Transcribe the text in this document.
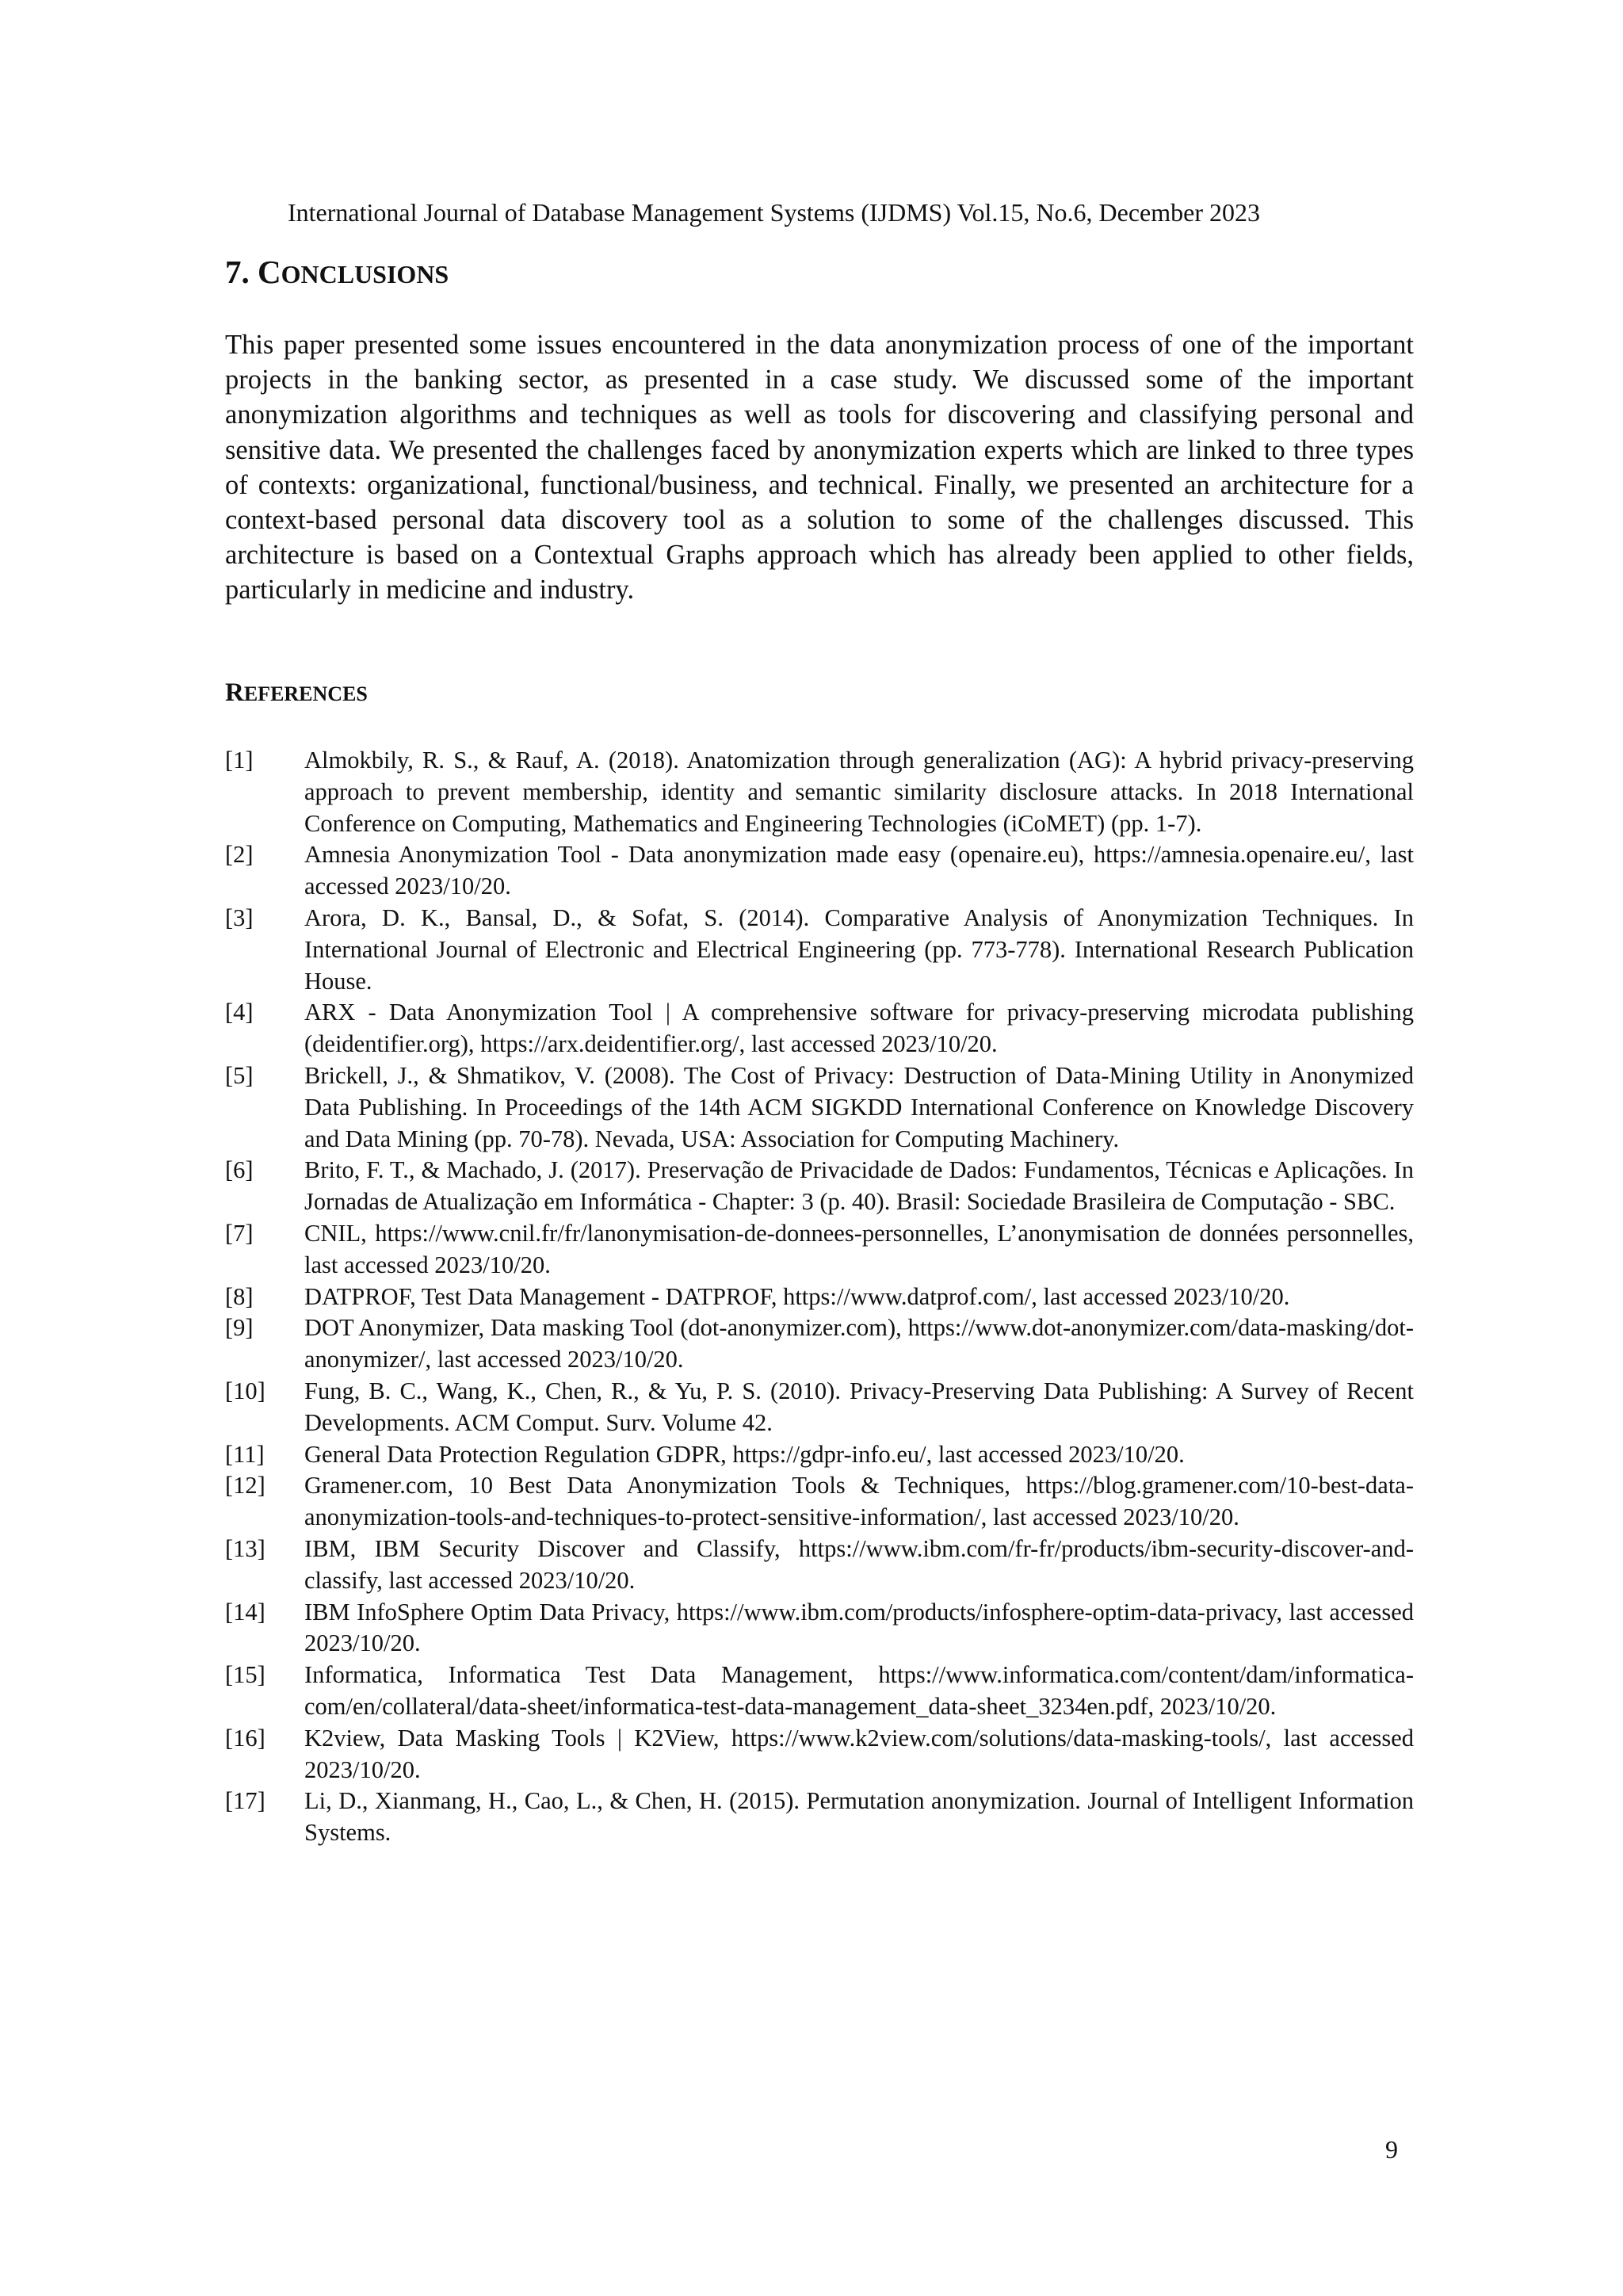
International Journal of Database Management Systems (IJDMS) Vol.15, No.6, December 2023
7. CONCLUSIONS

This paper presented some issues encountered in the data anonymization process of one of the important projects in the banking sector, as presented in a case study. We discussed some of the important anonymization algorithms and techniques as well as tools for discovering and classifying personal and sensitive data. We presented the challenges faced by anonymization experts which are linked to three types of contexts: organizational, functional/business, and technical. Finally, we presented an architecture for a context-based personal data discovery tool as a solution to some of the challenges discussed. This architecture is based on a Contextual Graphs approach which has already been applied to other fields, particularly in medicine and industry.

REFERENCES
[1] Almokbily, R. S., & Rauf, A. (2018). Anatomization through generalization (AG): A hybrid privacy-preserving approach to prevent membership, identity and semantic similarity disclosure attacks. In 2018 International Conference on Computing, Mathematics and Engineering Technologies (iCoMET) (pp. 1-7).
[2] Amnesia Anonymization Tool - Data anonymization made easy (openaire.eu), https://amnesia.openaire.eu/, last accessed 2023/10/20.
[3] Arora, D. K., Bansal, D., & Sofat, S. (2014). Comparative Analysis of Anonymization Techniques. In International Journal of Electronic and Electrical Engineering (pp. 773-778). International Research Publication House.
[4] ARX - Data Anonymization Tool | A comprehensive software for privacy-preserving microdata publishing (deidentifier.org), https://arx.deidentifier.org/, last accessed 2023/10/20.
[5] Brickell, J., & Shmatikov, V. (2008). The Cost of Privacy: Destruction of Data-Mining Utility in Anonymized Data Publishing. In Proceedings of the 14th ACM SIGKDD International Conference on Knowledge Discovery and Data Mining (pp. 70-78). Nevada, USA: Association for Computing Machinery.
[6] Brito, F. T., & Machado, J. (2017). Preservação de Privacidade de Dados: Fundamentos, Técnicas e Aplicações. In Jornadas de Atualização em Informática - Chapter: 3 (p. 40). Brasil: Sociedade Brasileira de Computação - SBC.
[7] CNIL, https://www.cnil.fr/fr/lanonymisation-de-donnees-personnelles, L’anonymisation de données personnelles, last accessed 2023/10/20.
[8] DATPROF, Test Data Management - DATPROF, https://www.datprof.com/, last accessed 2023/10/20.
[9] DOT Anonymizer, Data masking Tool (dot-anonymizer.com), https://www.dot-anonymizer.com/data-masking/dot-anonymizer/, last accessed 2023/10/20.
[10] Fung, B. C., Wang, K., Chen, R., & Yu, P. S. (2010). Privacy-Preserving Data Publishing: A Survey of Recent Developments. ACM Comput. Surv. Volume 42.
[11] General Data Protection Regulation GDPR, https://gdpr-info.eu/, last accessed 2023/10/20.
[12] Gramener.com, 10 Best Data Anonymization Tools & Techniques, https://blog.gramener.com/10-best-data-anonymization-tools-and-techniques-to-protect-sensitive-information/, last accessed 2023/10/20.
[13] IBM, IBM Security Discover and Classify, https://www.ibm.com/fr-fr/products/ibm-security-discover-and-classify, last accessed 2023/10/20.
[14] IBM InfoSphere Optim Data Privacy, https://www.ibm.com/products/infosphere-optim-data-privacy, last accessed 2023/10/20.
[15] Informatica, Informatica Test Data Management, https://www.informatica.com/content/dam/informatica-com/en/collateral/data-sheet/informatica-test-data-management_data-sheet_3234en.pdf, 2023/10/20.
[16] K2view, Data Masking Tools | K2View, https://www.k2view.com/solutions/data-masking-tools/, last accessed 2023/10/20.
[17] Li, D., Xianmang, H., Cao, L., & Chen, H. (2015). Permutation anonymization. Journal of Intelligent Information Systems.
9
